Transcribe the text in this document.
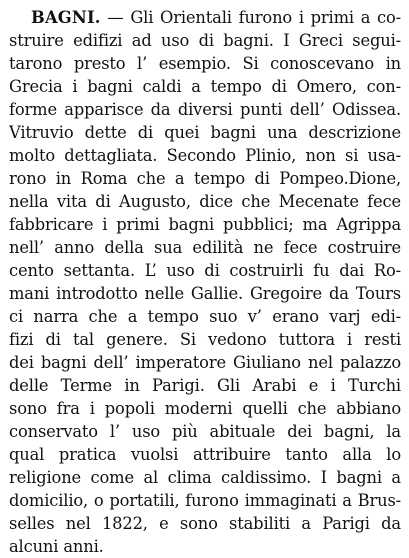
BAGNI. — Gli Orientali furono i primi a co-
struire edifizi ad uso di bagni. I Greci segui-
tarono presto l’ esempio. Si conoscevano in
Grecia i bagni caldi a tempo di Omero, con-
forme apparisce da diversi punti dell’ Odissea.
Vitruvio dette di quei bagni una descrizione
molto dettagliata. Secondo Plinio, non si usa-
rono in Roma che a tempo di Pompeo.Dione,
nella vita di Augusto, dice che Mecenate fece
fabbricare i primi bagni pubblici; ma Agrippa
nell’ anno della sua edilità ne fece costruire
cento settanta. L’ uso di costruirli fu dai Ro-
mani introdotto nelle Gallie. Gregoire da Tours
ci narra che a tempo suo v’ erano varj edi-
fizi di tal genere. Si vedono tuttora i resti
dei bagni dell’ imperatore Giuliano nel palazzo
delle Terme in Parigi. Gli Arabi e i Turchi
sono fra i popoli moderni quelli che abbiano
conservato l’ uso più abituale dei bagni, la
qual pratica vuolsi attribuire tanto alla lo
religione come al clima caldissimo. I bagni a
domicilio, o portatili, furono immaginati a Brus-
selles nel 1822, e sono stabiliti a Parigi da
alcuni anni.
